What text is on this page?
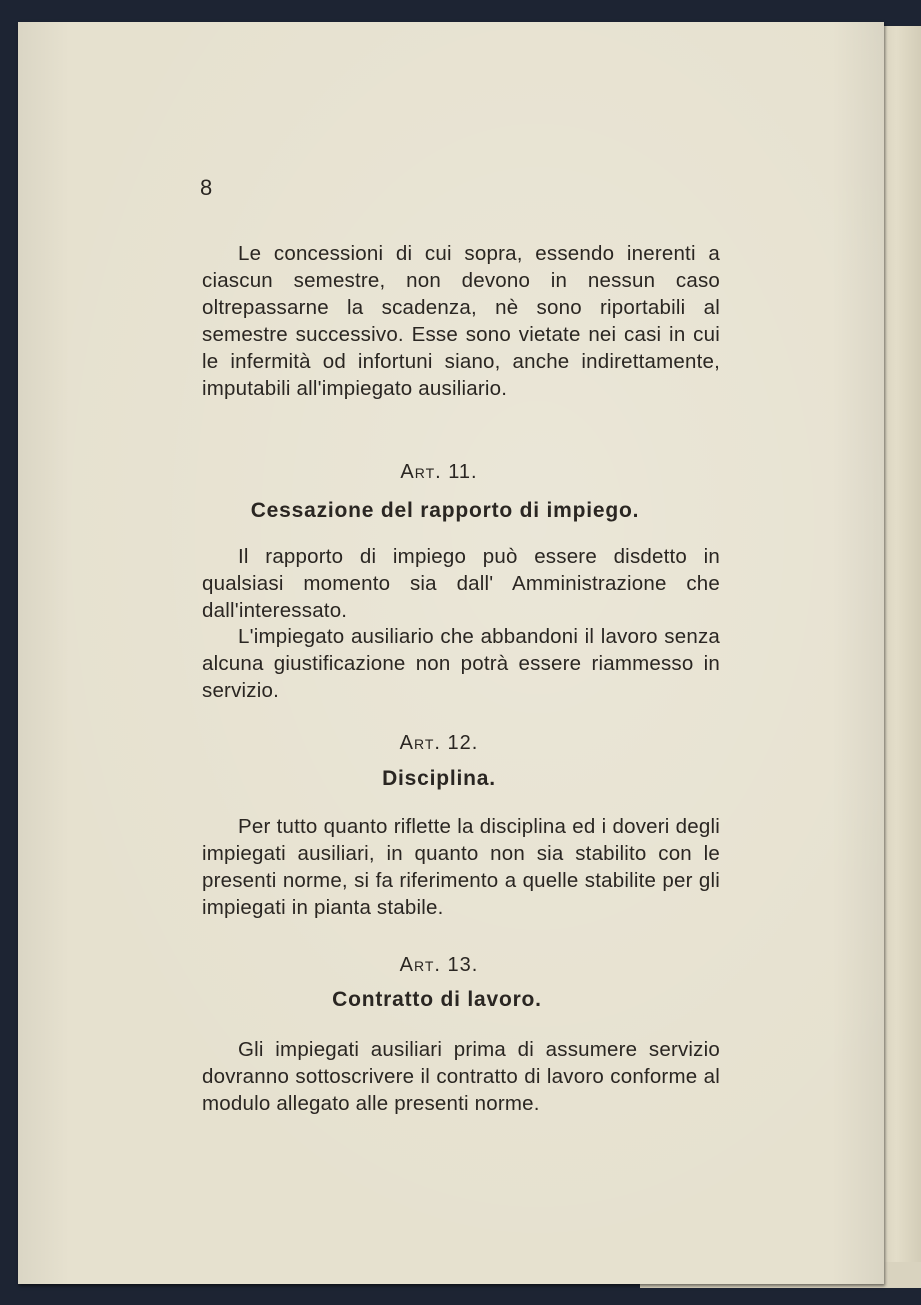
8

Le concessioni di cui sopra, essendo inerenti a ciascun semestre, non devono in nessun caso oltrepassarne la scadenza, nè sono riportabili al semestre successivo. Esse sono vietate nei casi in cui le infermità od infortuni siano, anche indirettamente, imputabili all'impiegato ausiliario.

Art. 11.
Cessazione del rapporto di impiego.

Il rapporto di impiego può essere disdetto in qualsiasi momento sia dall' Amministrazione che dall'interessato.

L'impiegato ausiliario che abbandoni il lavoro senza alcuna giustificazione non potrà essere riammesso in servizio.

Art. 12.
Disciplina.

Per tutto quanto riflette la disciplina ed i doveri degli impiegati ausiliari, in quanto non sia stabilito con le presenti norme, si fa riferimento a quelle stabilite per gli impiegati in pianta stabile.

Art. 13.
Contratto di lavoro.

Gli impiegati ausiliari prima di assumere servizio dovranno sottoscrivere il contratto di lavoro conforme al modulo allegato alle presenti norme.
